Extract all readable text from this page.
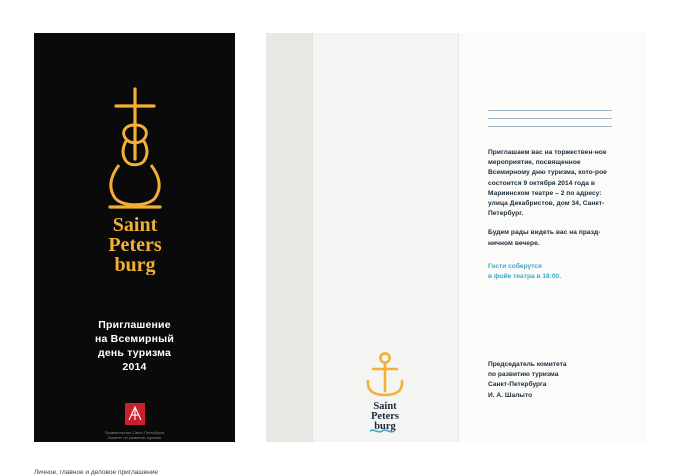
Saint
Peters
burg
Приглашение
на Всемирный
день туризма
2014
Правительство Санкт-Петербурга
Комитет по развитию туризма
Saint
Peters
burg

Приглашаем вас на торжествен-ное мероприятие, посвященное Всемирному дню туризма, кото-рое состоится 9 октября 2014 года в Мариинском театре – 2 по адресу: улица Декабристов, дом 34, Санкт-Петербург.

Будем рады видеть вас на празд-ничном вечере.

Гости соберутся

в фойе театра в 18:00.

Председатель комитета

по развитию туризма

Санкт-Петербурга

И. А. Шалыто

Личное, главное и деловое приглашение
